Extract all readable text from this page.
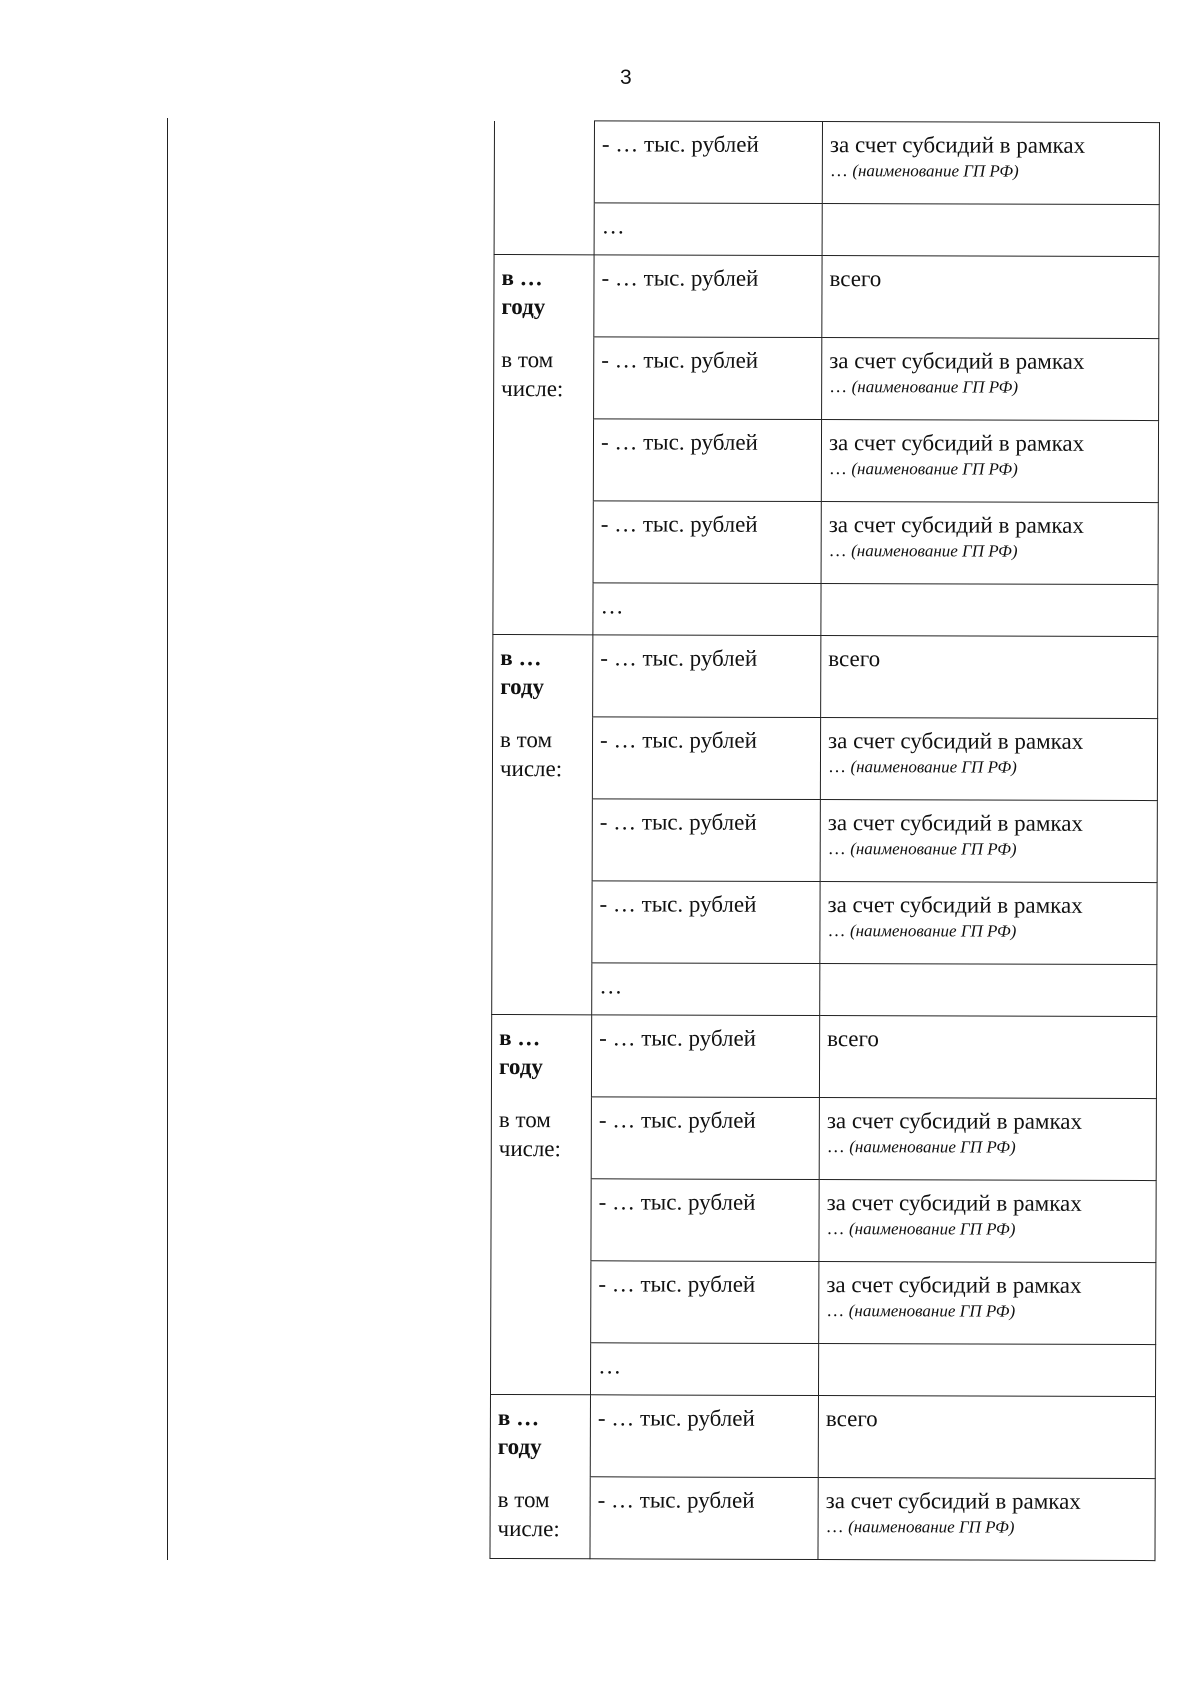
3
	- … тыс. рублей	за счет субсидий в рамках
… (наименование ГП РФ)

	…	

в …
году	- … тыс. рублей	всего

в том
числе:	- … тыс. рублей	за счет субсидий в рамках
… (наименование ГП РФ)

	- … тыс. рублей	за счет субсидий в рамках
… (наименование ГП РФ)

	- … тыс. рублей	за счет субсидий в рамках
… (наименование ГП РФ)

	…	

в …
году	- … тыс. рублей	всего

в том
числе:	- … тыс. рублей	за счет субсидий в рамках
… (наименование ГП РФ)

	- … тыс. рублей	за счет субсидий в рамках
… (наименование ГП РФ)

	- … тыс. рублей	за счет субсидий в рамках
… (наименование ГП РФ)

	…	

в …
году	- … тыс. рублей	всего

в том
числе:	- … тыс. рублей	за счет субсидий в рамках
… (наименование ГП РФ)

	- … тыс. рублей	за счет субсидий в рамках
… (наименование ГП РФ)

	- … тыс. рублей	за счет субсидий в рамках
… (наименование ГП РФ)

	…	

в …
году	- … тыс. рублей	всего

в том
числе:	- … тыс. рублей	за счет субсидий в рамках
… (наименование ГП РФ)
